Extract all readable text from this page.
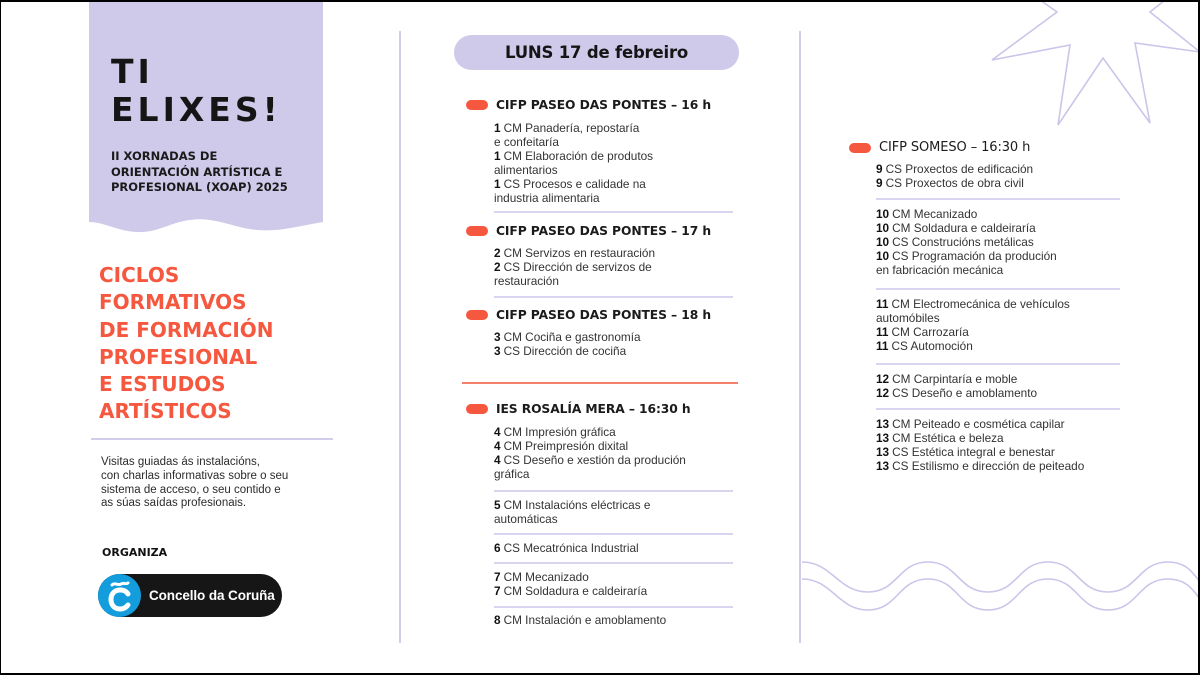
TI
ELIXES!
II XORNADAS DE
ORIENTACIÓN ARTÍSTICA E
PROFESIONAL (XOAP) 2025
CICLOS
FORMATIVOS
DE FORMACIÓN
PROFESIONAL
E ESTUDOS
ARTÍSTICOS
Visitas guiadas ás instalacións,
con charlas informativas sobre o seu
sistema de acceso, o seu contido e
as súas saídas profesionais.
ORGANIZA
Concello da Coruña
LUNS 17 de febreiro
CIFP PASEO DAS PONTES – 16 h
1 CM Panadería, repostaría
e confeitaría
1 CM Elaboración de produtos
alimentarios
1 CS Procesos e calidade na
industria alimentaria
CIFP PASEO DAS PONTES – 17 h
2 CM Servizos en restauración
2 CS Dirección de servizos de
restauración
CIFP PASEO DAS PONTES – 18 h
3 CM Cociña e gastronomía
3 CS Dirección de cociña
IES ROSALÍA MERA – 16:30 h
4 CM Impresión gráfica
4 CM Preimpresión dixital
4 CS Deseño e xestión da produción
gráfica
5 CM Instalacións eléctricas e
automáticas
6 CS Mecatrónica Industrial
7 CM Mecanizado
7 CM Soldadura e caldeiraría
8 CM Instalación e amoblamento
CIFP SOMESO – 16:30 h
9 CS Proxectos de edificación
9 CS Proxectos de obra civil
10 CM Mecanizado
10 CM Soldadura e caldeiraría
10 CS Construcións metálicas
10 CS Programación da produción
en fabricación mecánica
11 CM Electromecánica de vehículos
automóbiles
11 CM Carrozaría
11 CS Automoción
12 CM Carpintaría e moble
12 CS Deseño e amoblamento
13 CM Peiteado e cosmética capilar
13 CM Estética e beleza
13 CS Estética integral e benestar
13 CS Estilismo e dirección de peiteado
